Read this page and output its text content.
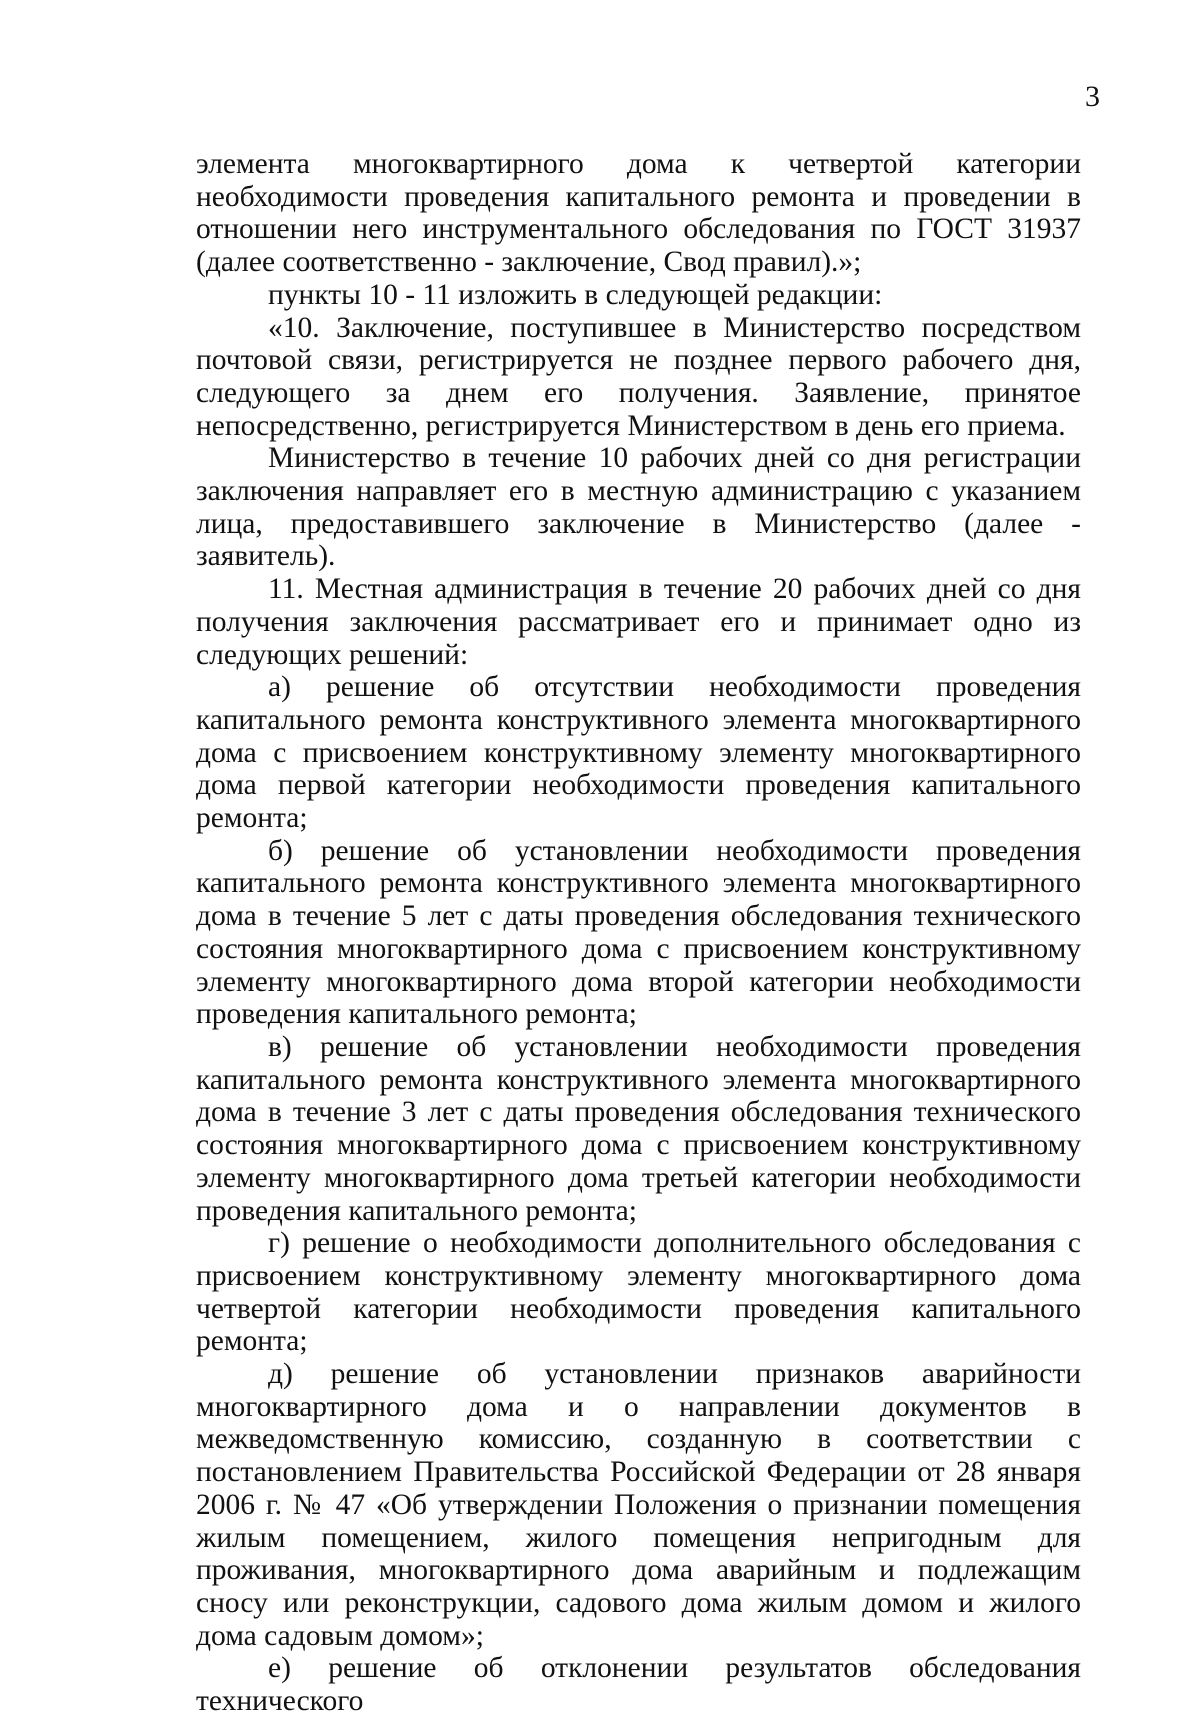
3

элемента многоквартирного дома к четвертой категории необходимости проведения капитального ремонта и проведении в отношении него инструментального обследования по ГОСТ 31937 (далее соответственно - заключение, Свод правил).»;

пункты 10 - 11 изложить в следующей редакции:

«10. Заключение, поступившее в Министерство посредством почтовой связи, регистрируется не позднее первого рабочего дня, следующего за днем его получения. Заявление, принятое непосредственно, регистрируется Министерством в день его приема.

Министерство в течение 10 рабочих дней со дня регистрации заключения направляет его в местную администрацию с указанием лица, предоставившего заключение в Министерство (далее - заявитель).

11. Местная администрация в течение 20 рабочих дней со дня получения заключения рассматривает его и принимает одно из следующих решений:

а) решение об отсутствии необходимости проведения капитального ремонта конструктивного элемента многоквартирного дома с присвоением конструктивному элементу многоквартирного дома первой категории необходимости проведения капитального ремонта;

б) решение об установлении необходимости проведения капитального ремонта конструктивного элемента многоквартирного дома в течение 5 лет с даты проведения обследования технического состояния многоквартирного дома с присвоением конструктивному элементу многоквартирного дома второй категории необходимости проведения капитального ремонта;

в) решение об установлении необходимости проведения капитального ремонта конструктивного элемента многоквартирного дома в течение 3 лет с даты проведения обследования технического состояния многоквартирного дома с присвоением конструктивному элементу многоквартирного дома третьей категории необходимости проведения капитального ремонта;

г) решение о необходимости дополнительного обследования с присвоением конструктивному элементу многоквартирного дома четвертой категории необходимости проведения капитального ремонта;

д) решение об установлении признаков аварийности многоквартирного дома и о направлении документов в межведомственную комиссию, созданную в соответствии с постановлением Правительства Российской Федерации от 28 января 2006 г. № 47 «Об утверждении Положения о признании помещения жилым помещением, жилого помещения непригодным для проживания, многоквартирного дома аварийным и подлежащим сносу или реконструкции, садового дома жилым домом и жилого дома садовым домом»;

е) решение об отклонении результатов обследования технического
